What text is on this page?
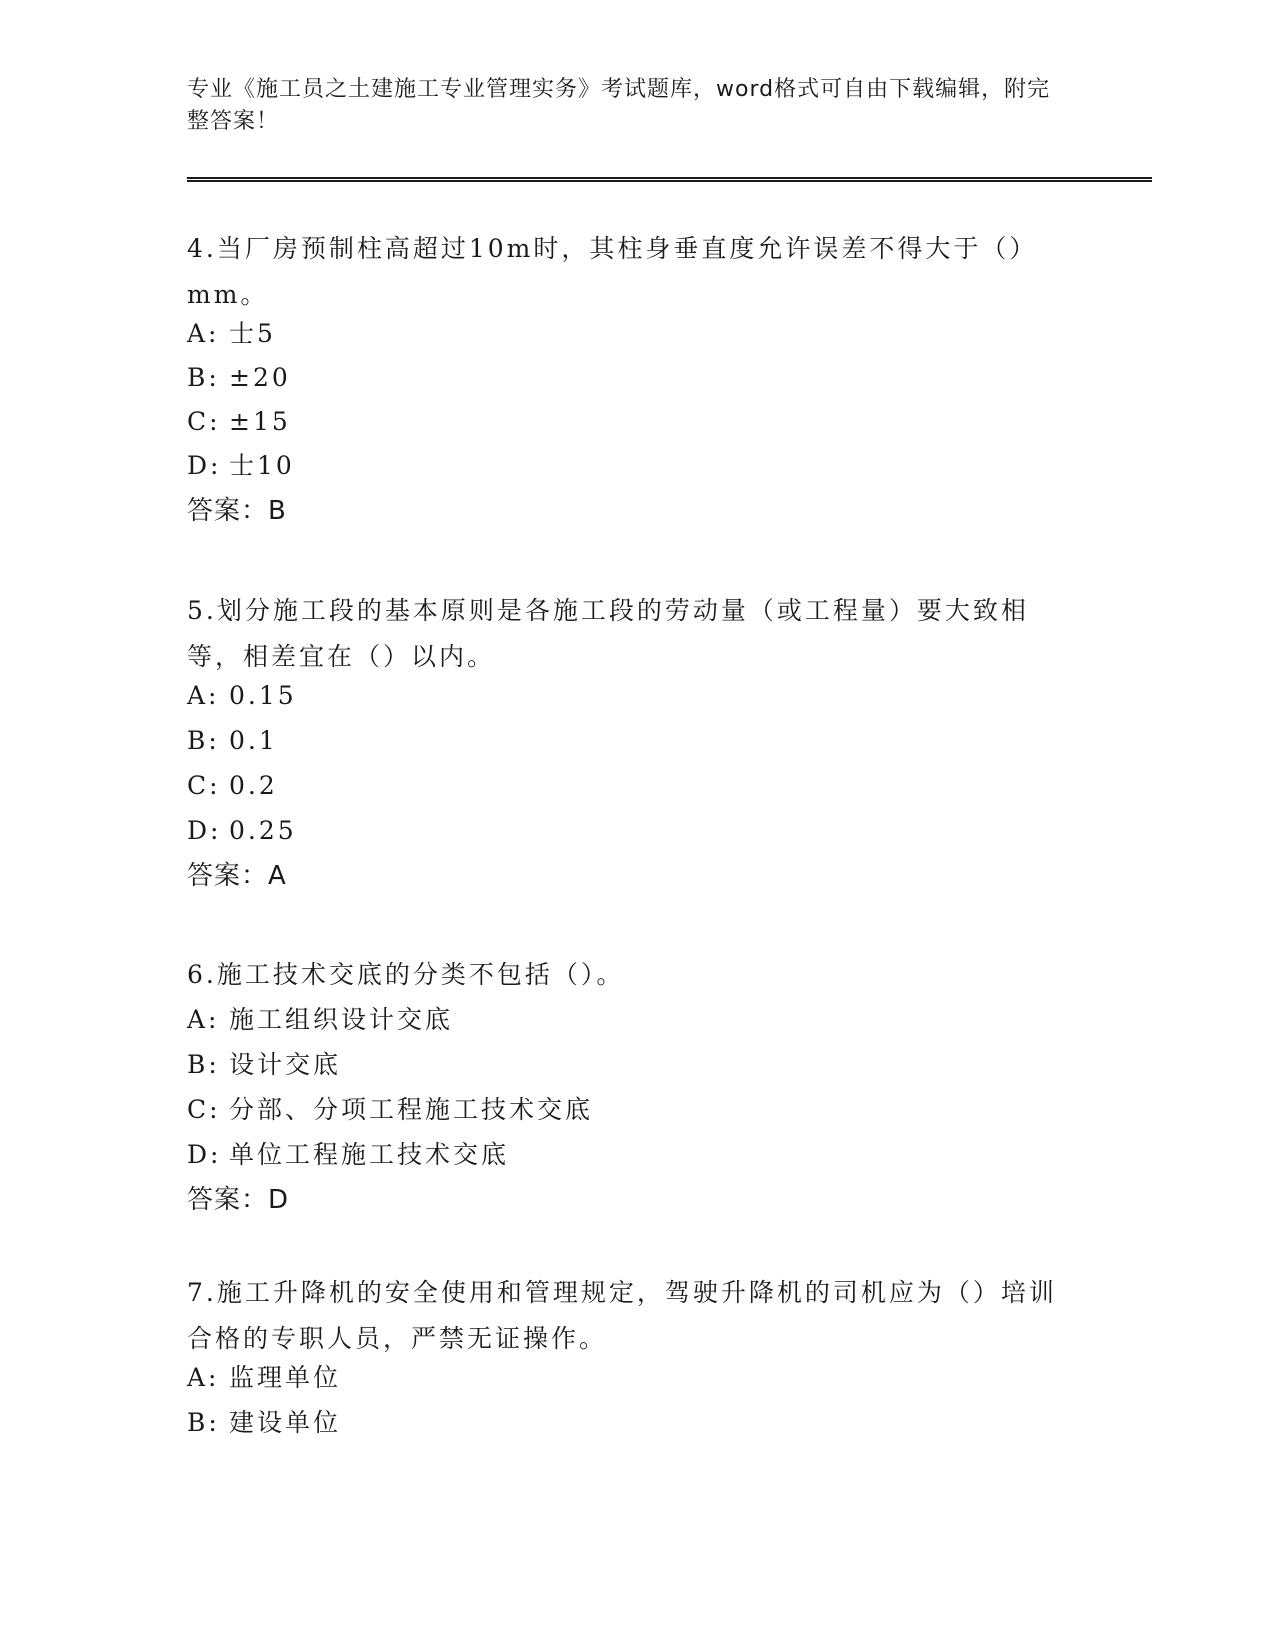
专业《施工员之土建施工专业管理实务》考试题库，word格式可自由下载编辑，附完整答案！
4.当厂房预制柱高超过10m时，其柱身垂直度允许误差不得大于（）mm。
A: 士5
B: ±20
C: ±15
D: 士10
答案：B
5.划分施工段的基本原则是各施工段的劳动量（或工程量）要大致相等，相差宜在（）以内。
A: 0.15
B: 0.1
C: 0.2
D: 0.25
答案：A
6.施工技术交底的分类不包括（）。
A: 施工组织设计交底
B: 设计交底
C: 分部、分项工程施工技术交底
D: 单位工程施工技术交底
答案：D
7.施工升降机的安全使用和管理规定，驾驶升降机的司机应为（）培训合格的专职人员，严禁无证操作。
A: 监理单位
B: 建设单位
